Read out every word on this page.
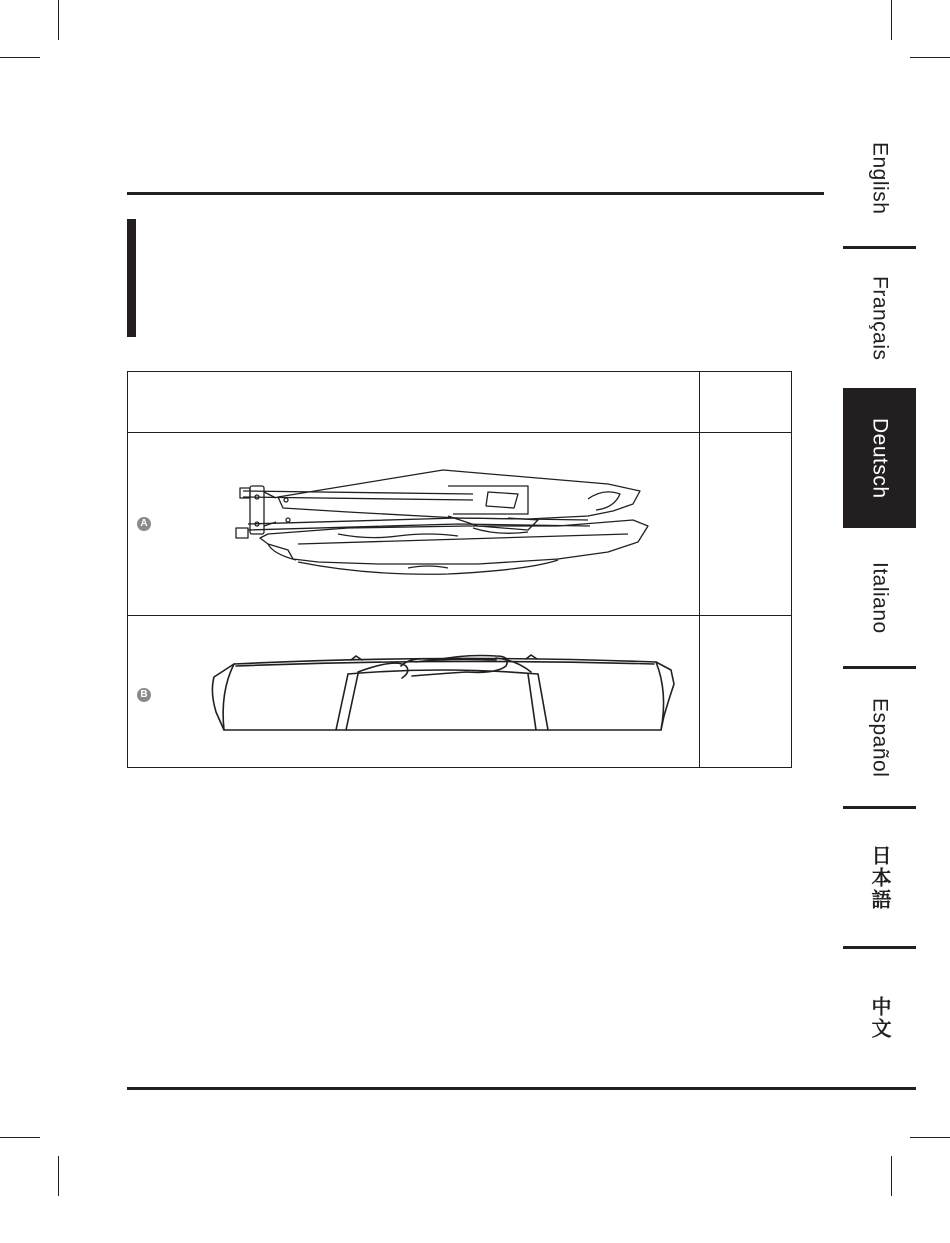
A
B
English
Français
Deutsch
Italiano
Español
日本語
中文
